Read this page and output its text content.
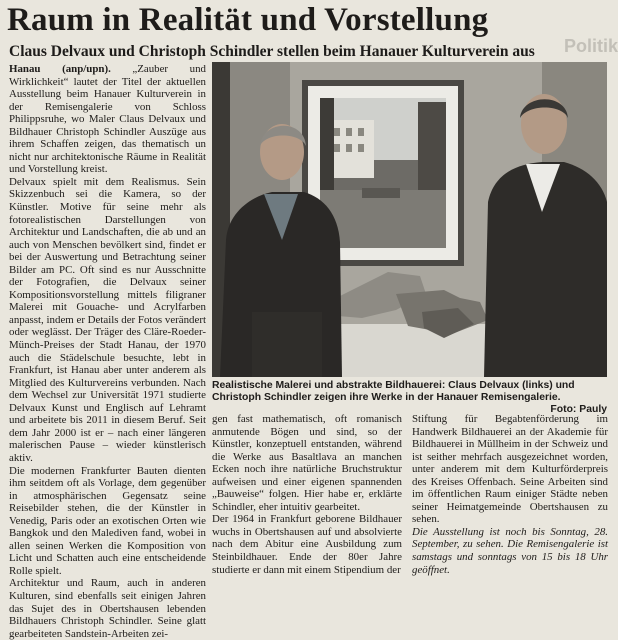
Raum in Realität und Vorstellung
Claus Delvaux und Christoph Schindler stellen beim Hanauer Kulturverein aus Politik

Hanau (anp/upn). „Zauber und Wirklichkeit“ lautet der Titel der aktuellen Ausstellung beim Hanauer Kulturverein in der Remisengalerie von Schloss Philippsruhe, wo Maler Claus Delvaux und Bildhauer Christoph Schindler Auszüge aus ihrem Schaffen zeigen, das thematisch un nicht nur architektonische Räume in Realität und Vorstellung kreist.

Delvaux spielt mit dem Realismus. Sein Skizzenbuch sei die Kamera, so der Künstler. Motive für seine mehr als fotorealistischen Darstellungen von Architektur und Landschaften, die ab und an auch von Menschen bevölkert sind, findet er bei der Auswertung und Betrachtung seiner Bilder am PC. Oft sind es nur Ausschnitte der Fotografien, die Delvaux seiner Kompositionsvorstellung mittels filigraner Malerei mit Gouache- und Acrylfarben anpasst, indem er Details der Fotos verändert oder weglässt. Der Träger des Cläre-Roeder-Münch-Preises der Stadt Hanau, der 1970 auch die Städelschule besuchte, lebt in Frankfurt, ist Hanau aber unter anderem als Mitglied des Kulturvereins verbunden. Nach dem Wechsel zur Universität 1971 studierte Delvaux Kunst und Englisch auf Lehramt und arbeitete bis 2011 in diesem Beruf. Seit dem Jahr 2000 ist er – nach einer längeren malerischen Pause – wieder künstlerisch aktiv.

Die modernen Frankfurter Bauten dienten ihm seitdem oft als Vorlage, dem gegenüber in atmosphärischen Gegensatz seine Reisebilder stehen, die der Künstler in Venedig, Paris oder an exotischen Orten wie Bangkok und den Malediven fand, wobei in allen seinen Werken die Komposition von Licht und Schatten auch eine entscheidende Rolle spielt.

Architektur und Raum, auch in anderen Kulturen, sind ebenfalls seit einigen Jahren das Sujet des in Obertshausen lebenden Bildhauers Christoph Schindler. Seine glatt gearbeiteten Sandstein-Arbeiten zei-

Realistische Malerei und abstrakte Bildhauerei: Claus Delvaux (links) und Christoph Schindler zeigen ihre Werke in der Hanauer Remisengalerie.
Foto: Pauly

gen fast mathematisch, oft romanisch anmutende Bögen und sind, so der Künstler, konzeptuell entstanden, während die Werke aus Basaltlava an manchen Ecken noch ihre natürliche Bruchstruktur aufweisen und einer eigenen spannenden „Bauweise“ folgen. Hier habe er, erklärte Schindler, eher intuitiv gearbeitet.

Der 1964 in Frankfurt geborene Bildhauer wuchs in Obertshausen auf und absolvierte nach dem Abitur eine Ausbildung zum Steinbildhauer. Ende der 80er Jahre studierte er dann mit einem Stipendium der

Stiftung für Begabtenförderung im Handwerk Bildhauerei an der Akademie für Bildhauerei in Müllheim in der Schweiz und ist seither mehrfach ausgezeichnet worden, unter anderem mit dem Kulturförderpreis des Kreises Offenbach. Seine Arbeiten sind im öffentlichen Raum einiger Städte neben seiner Heimatgemeinde Obertshausen zu sehen.

Die Ausstellung ist noch bis Sonntag, 28. September, zu sehen. Die Remisengalerie ist samstags und sonntags von 15 bis 18 Uhr geöffnet.
